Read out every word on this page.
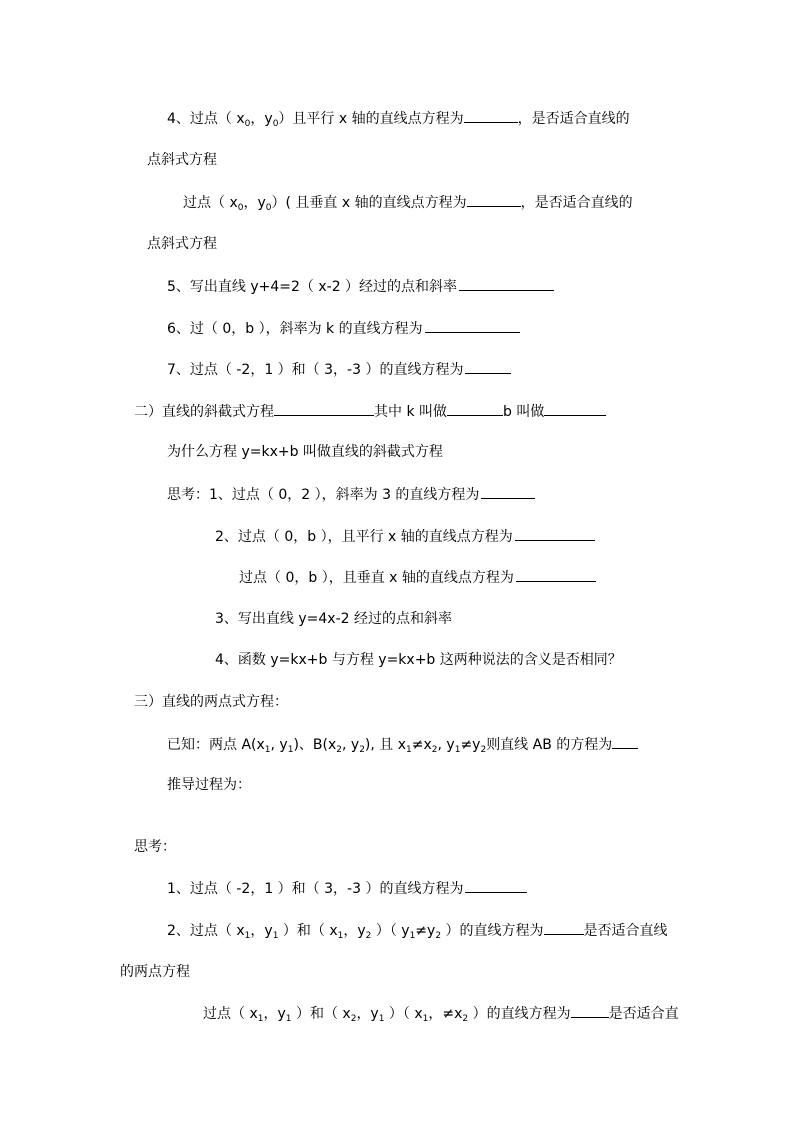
4、过点（ $x_0$，$y_0$）且平行 x 轴的直线点方程为	，是否适合直线的
点斜式方程
过点（ $x_0$，$y_0$）( 且垂直 x 轴的直线点方程为	，是否适合直线的
点斜式方程
5、写出直线 y+4=2（ x-2 ）经过的点和斜率
6、过（ 0，b ），斜率为 k 的直线方程为
7、过点（ -2，1 ）和（ 3，-3 ）的直线方程为
二）直线的斜截式方程	其中 k 叫做	b 叫做
为什么方程 y=kx+b 叫做直线的斜截式方程
思考：1、过点（ 0，2 ），斜率为 3 的直线方程为
2、过点（ 0，b ），且平行 x 轴的直线点方程为
过点（ 0，b ），且垂直 x 轴的直线点方程为
3、写出直线 y=4x-2 经过的点和斜率
4、函数 y=kx+b 与方程 y=kx+b 这两种说法的含义是否相同？
三）直线的两点式方程：
已知：两点 $A(x_1$, $y_1$)、$B(x_2$, $y_2$), 且 $x_1\ne x_2$, $y_1\ne y_2$则直线 AB 的方程为
推导过程为：
思考：
1、过点（ -2，1 ）和（ 3，-3 ）的直线方程为
2、过点（ $x_1$，$y_1$ ）和（ $x_1$，$y_2$ ）（ $y_1\ne y_2$ ）的直线方程为	是否适合直线
的两点方程
过点（ $x_1$，$y_1$ ）和（ $x_2$，$y_1$ ）（ $x_1$，$\ne x_2$ ）的直线方程为	是否适合直
